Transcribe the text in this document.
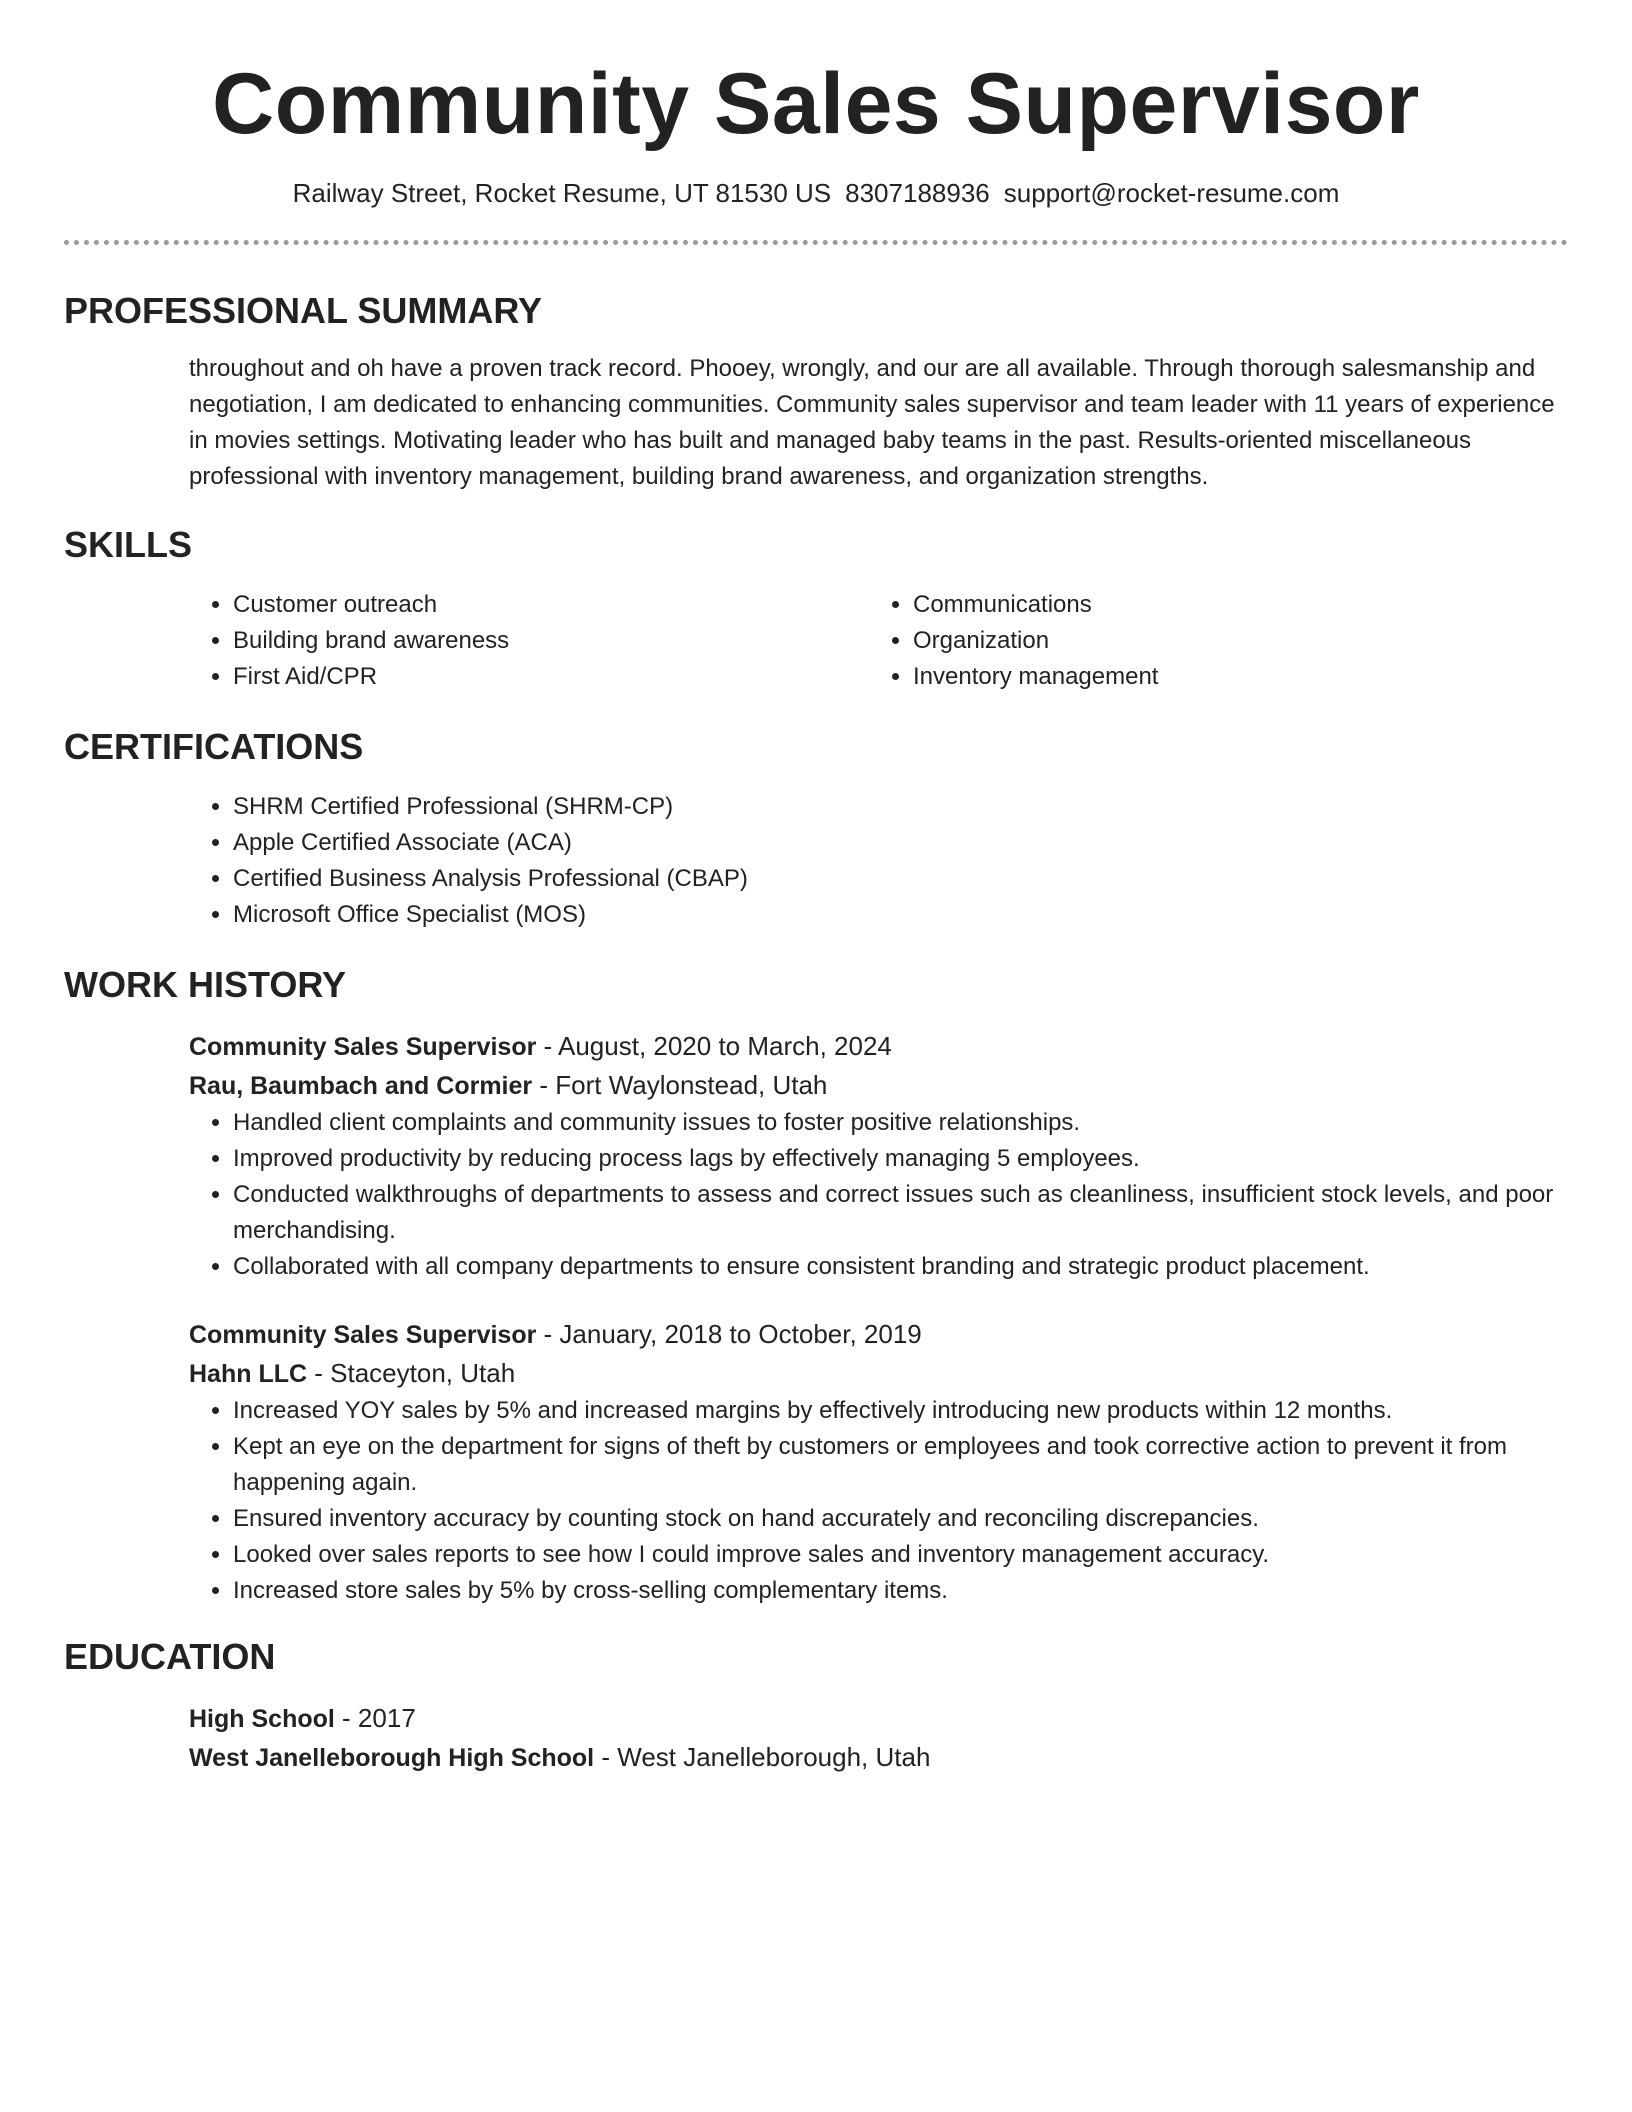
Community Sales Supervisor
Railway Street, Rocket Resume, UT 81530 US 8307188936 support@rocket-resume.com
PROFESSIONAL SUMMARY
throughout and oh have a proven track record. Phooey, wrongly, and our are all available. Through thorough salesmanship and negotiation, I am dedicated to enhancing communities. Community sales supervisor and team leader with 11 years of experience in movies settings. Motivating leader who has built and managed baby teams in the past. Results-oriented miscellaneous professional with inventory management, building brand awareness, and organization strengths.
SKILLS
• Customer outreach
• Building brand awareness
• First Aid/CPR
• Communications
• Organization
• Inventory management
CERTIFICATIONS
• SHRM Certified Professional (SHRM-CP)
• Apple Certified Associate (ACA)
• Certified Business Analysis Professional (CBAP)
• Microsoft Office Specialist (MOS)
WORK HISTORY
Community Sales Supervisor - August, 2020 to March, 2024
Rau, Baumbach and Cormier - Fort Waylonstead, Utah
• Handled client complaints and community issues to foster positive relationships.
• Improved productivity by reducing process lags by effectively managing 5 employees.
• Conducted walkthroughs of departments to assess and correct issues such as cleanliness, insufficient stock levels, and poor merchandising.
• Collaborated with all company departments to ensure consistent branding and strategic product placement.
Community Sales Supervisor - January, 2018 to October, 2019
Hahn LLC - Staceyton, Utah
• Increased YOY sales by 5% and increased margins by effectively introducing new products within 12 months.
• Kept an eye on the department for signs of theft by customers or employees and took corrective action to prevent it from happening again.
• Ensured inventory accuracy by counting stock on hand accurately and reconciling discrepancies.
• Looked over sales reports to see how I could improve sales and inventory management accuracy.
• Increased store sales by 5% by cross-selling complementary items.
EDUCATION
High School - 2017
West Janelleborough High School - West Janelleborough, Utah
